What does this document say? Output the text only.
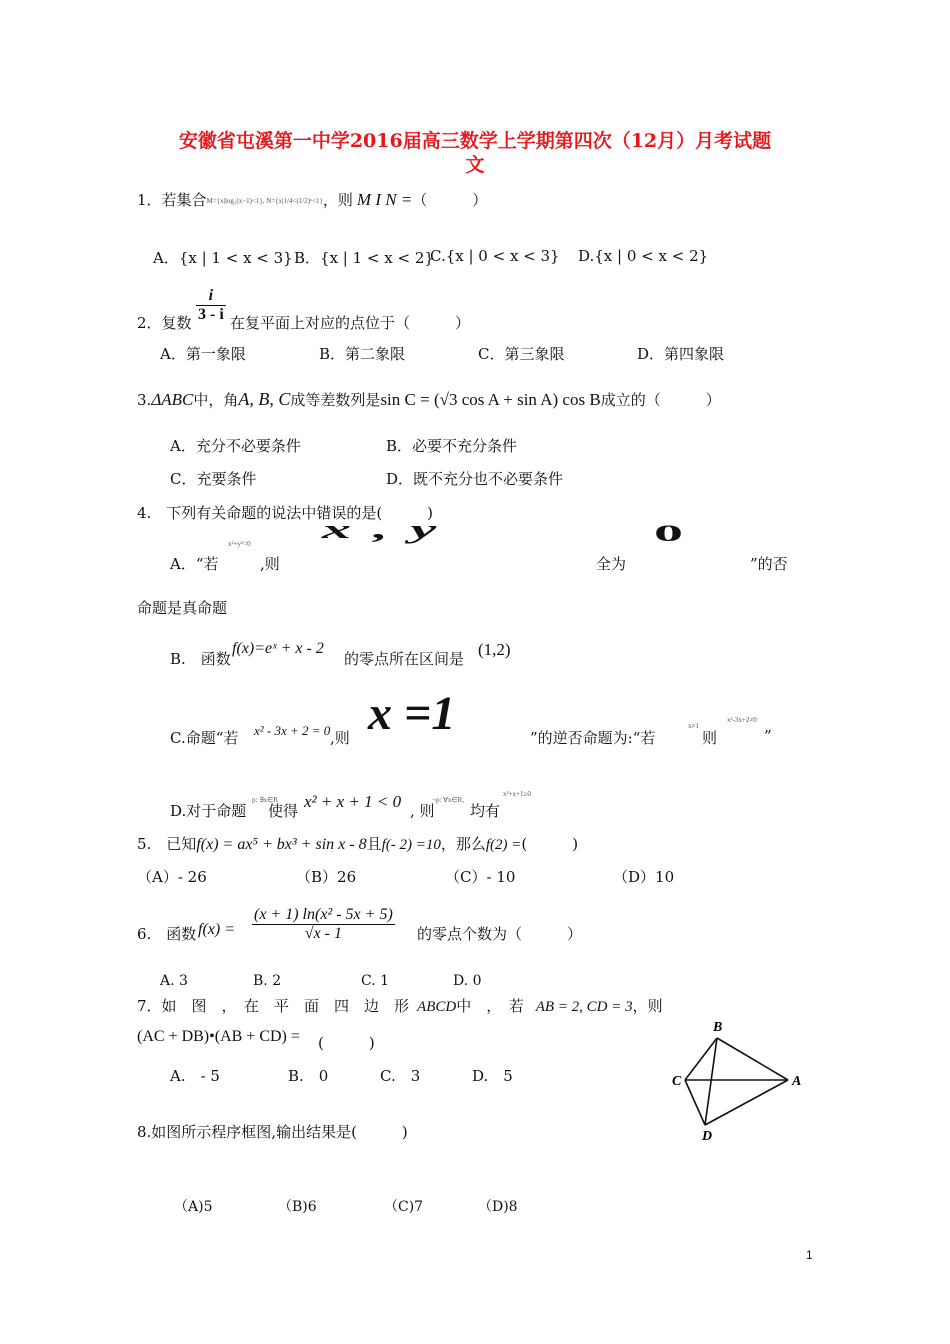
安徽省屯溪第一中学2016届高三数学上学期第四次（12月）月考试题
文
1．若集合M={x|log₂(x−1)<1}, N={x|1/4<(1/2)ˣ<1}，则 M I N =（　　　）
A．{x | 1 < x < 3} B．{x | 1 < x < 2}
C.{x | 0 < x < 3} D.{x | 0 < x < 2}
2．复数 $\frac{i}{3 - i}$ 在复平面上对应的点位于（　　　）
A．第一象限	B．第二象限	C．第三象限	D．第四象限
3.ΔABC中，角A, B, C成等差数列是sin C = (√3 cos A + sin A) cos B成立的（　　　）
A．充分不必要条件	B．必要不充分条件
C．充要条件	D．既不充分也不必要条件
4.　下列有关命题的说法中错误的是(　　　)
A．“若
x²+y²=0
,则
x , y
全为
0
”的否
命题是真命题
B.　函数
f(x)=eˣ + x - 2
的零点所在区间是 (1,2)
C.命题“若 x² - 3x + 2 = 0 ,则 x =1	”的逆否命题为:“若
x≠1
则
x²-3x+2≠0
”
D.对于命题
p: ∃x∈R
使得 x² + x + 1 < 0 , 则
¬p: ∀x∈R,
均有
x²+x+1≥0
5.　已知f(x) = ax⁵ + bx³ + sin x - 8且f(- 2) =10，那么f(2) =(　　　)
（A）- 26	（B）26	（C）- 10	（D）10
6.　函数 $f(x) = \frac{\text{(x + 1) ln(x² - 5x + 5)}}{√x - 1}$ 的零点个数为（　　　）
A. 3	B. 2	C. 1	D. 0
7．如　图　，　在　平　面　四　边　形 ABCD中　，　若 AB = 2, CD = 3，则
(AC + DB)•(AB + CD) = (　　　)
A.　- 5	B.　0	C.　3	D.　5
B
C	A
D
8.如图所示程序框图,输出结果是(　　　)
（A)5	（B)6	（C)7	（D)8
1
